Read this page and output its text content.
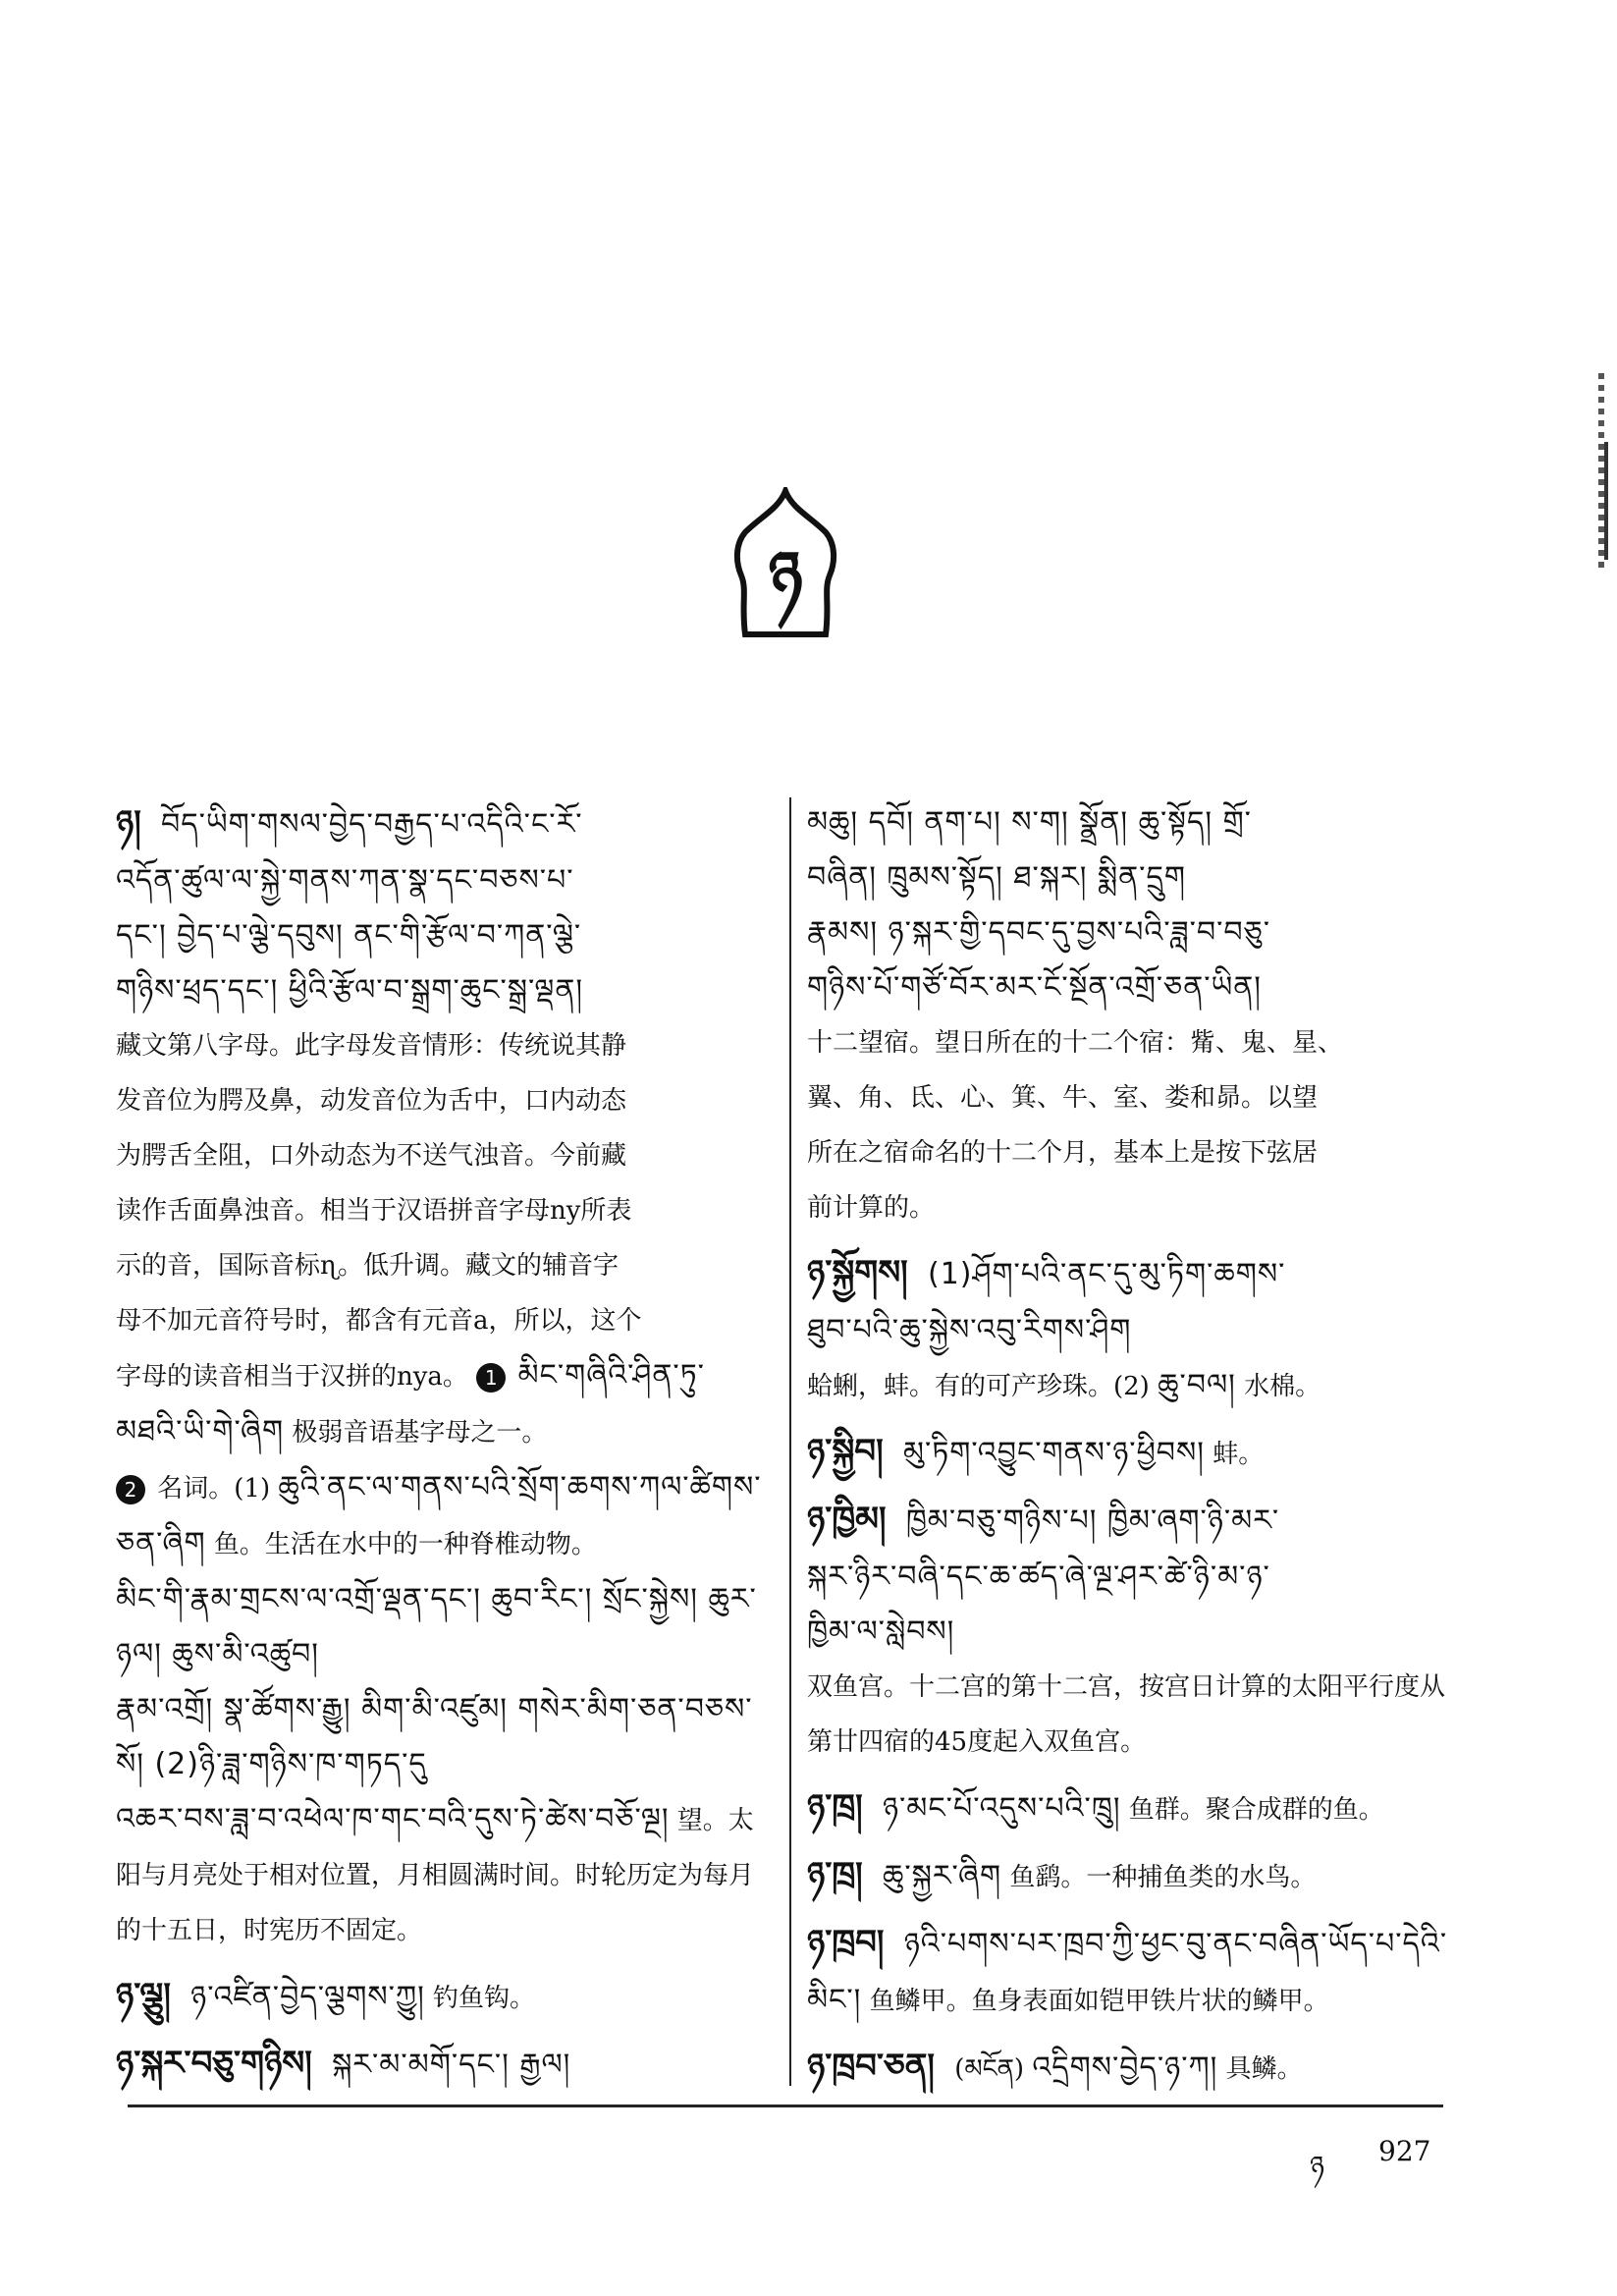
ཉ
ཉ། བོད་ཡིག་གསལ་བྱེད་བརྒྱད་པ་འདིའི་ང་རོ་
འདོན་ཚུལ་ལ་སྐྱེ་གནས་ཀན་སྣ་དང་བཅས་པ་
དང་། བྱེད་པ་ལྕེ་དབུས། ནང་གི་རྩོལ་བ་ཀན་ལྕེ་
གཉིས་ཕྲད་དང་། ཕྱིའི་རྩོལ་བ་སྒྲག་ཆུང་སྒྲ་ལྡན།
藏文第八字母。此字母发音情形：传统说其静
发音位为腭及鼻，动发音位为舌中，口内动态
为腭舌全阻，口外动态为不送气浊音。今前藏
读作舌面鼻浊音。相当于汉语拼音字母ny所表
示的音，国际音标ɳ。低升调。藏文的辅音字
母不加元音符号时，都含有元音a，所以，这个
字母的读音相当于汉拼的nya。 1 མིང་གཞིའི་ཤིན་ཏུ་མཐའི་ཡི་གེ་ཞིག 极弱音语基字母之一。
2 名词。(1) ཆུའི་ནང་ལ་གནས་པའི་སྲོག་ཆགས་ཀལ་ཚིགས་ཅན་ཞིག 鱼。生活在水中的一种脊椎动物。
མིང་གི་རྣམ་གྲངས་ལ་འགྲོ་ལྡན་དང་། ཆུབ་རིང་། སྲོང་སྐྱེས། ཆུར་ཉལ། ཆུས་མི་འཚུབ།
རྣམ་འགྲོ། སྣ་ཚོགས་རྒྱུ། མིག་མི་འཛུམ། གསེར་མིག་ཅན་བཅས་སོ། (2)ཉི་ཟླ་གཉིས་ཁ་གཏད་དུ
འཆར་བས་ཟླ་བ་འཕེལ་ཁ་གང་བའི་དུས་ཏེ་ཚེས་བཅོ་ལྔ། 望。太阳与月亮处于相对位置，月相圆满时间。时轮历定为每月的十五日，时宪历不固定。
ཉ་ལྕུ། ཉ་འཛིན་བྱེད་ལྕགས་ཀྱུ། 钓鱼钩。
ཉ་སྐར་བཅུ་གཉིས། སྐར་མ་མགོ་དང་། རྒྱལ།
མཆུ། དབོ། ནག་པ། ས་ག། སྣྲོན། ཆུ་སྟོད། གྲོ་
བཞིན། ཁྲུམས་སྟོད། ཐ་སྐར། སྨིན་དྲུག
རྣམས། ཉ་སྐར་གྱི་དབང་དུ་བྱས་པའི་ཟླ་བ་བཅུ་
གཉིས་པོ་གཙོ་བོར་མར་ངོ་སྔོན་འགྲོ་ཅན་ཡིན།
十二望宿。望日所在的十二个宿：觜、鬼、星、
翼、角、氐、心、箕、牛、室、娄和昴。以望
所在之宿命名的十二个月，基本上是按下弦居
前计算的。
ཉ་སྐྱོགས། (1)ཤོག་པའི་ནང་དུ་མུ་ཏིག་ཆགས་
ཐུབ་པའི་ཆུ་སྐྱེས་འབུ་རིགས་ཤིག
蛤蜊，蚌。有的可产珍珠。(2) ཆུ་བལ། 水棉。
ཉ་སྐྱིབ། མུ་ཏིག་འབྱུང་གནས་ཉ་ཕྱིབས། 蚌。
ཉ་ཁྱིམ། ཁྱིམ་བཅུ་གཉིས་པ། ཁྱིམ་ཞག་ཉི་མར་
སྐར་ཉིར་བཞི་དང་ཆ་ཚད་ཞེ་ལྔ་ཤར་ཚེ་ཉི་མ་ཉ་
ཁྱིམ་ལ་སླེབས།
双鱼宫。十二宫的第十二宫，按宫日计算的太阳平行度从第廿四宿的45度起入双鱼宫。
ཉ་ཁྲ། ཉ་མང་པོ་འདུས་པའི་ཁྲུ། 鱼群。聚合成群的鱼。
ཉ་ཁྲ། ཆུ་སྐྱར་ཞིག 鱼鹞。一种捕鱼类的水鸟。
ཉ་ཁྲབ། ཉའི་པགས་པར་ཁྲབ་ཀྱི་ཕྱང་བུ་ནང་བཞིན་ཡོད་པ་དེའི་མིང་། 鱼鳞甲。鱼身表面如铠甲铁片状的鳞甲。
ཉ་ཁྲབ་ཅན། (མངོན) འདྲིགས་བྱེད་ཉ་ཀ། 具鳞。
ཉ 927
